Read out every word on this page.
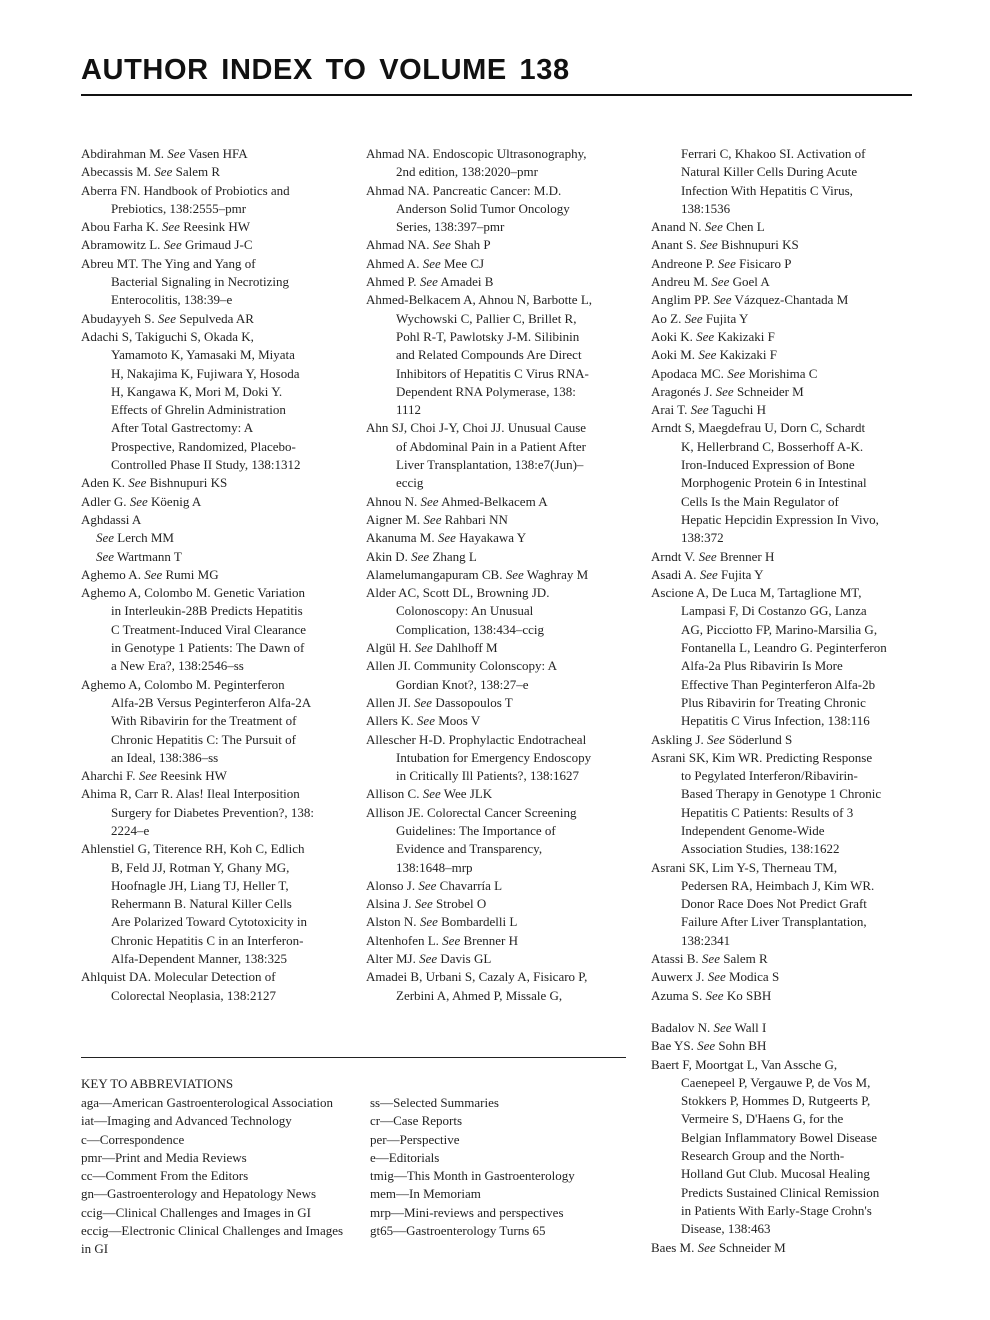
AUTHOR INDEX TO VOLUME 138

Abdirahman M. See Vasen HFA

Abecassis M. See Salem R

Aberra FN. Handbook of Probiotics and

Prebiotics, 138:2555–pmr

Abou Farha K. See Reesink HW

Abramowitz L. See Grimaud J-C

Abreu MT. The Ying and Yang of

Bacterial Signaling in Necrotizing

Enterocolitis, 138:39–e

Abudayyeh S. See Sepulveda AR

Adachi S, Takiguchi S, Okada K,

Yamamoto K, Yamasaki M, Miyata

H, Nakajima K, Fujiwara Y, Hosoda

H, Kangawa K, Mori M, Doki Y.

Effects of Ghrelin Administration

After Total Gastrectomy: A

Prospective, Randomized, Placebo-

Controlled Phase II Study, 138:1312

Aden K. See Bishnupuri KS

Adler G. See Köenig A

Aghdassi A

See Lerch MM

See Wartmann T

Aghemo A. See Rumi MG

Aghemo A, Colombo M. Genetic Variation

in Interleukin-28B Predicts Hepatitis

C Treatment-Induced Viral Clearance

in Genotype 1 Patients: The Dawn of

a New Era?, 138:2546–ss

Aghemo A, Colombo M. Peginterferon

Alfa-2B Versus Peginterferon Alfa-2A

With Ribavirin for the Treatment of

Chronic Hepatitis C: The Pursuit of

an Ideal, 138:386–ss

Aharchi F. See Reesink HW

Ahima R, Carr R. Alas! Ileal Interposition

Surgery for Diabetes Prevention?, 138:

2224–e

Ahlenstiel G, Titerence RH, Koh C, Edlich

B, Feld JJ, Rotman Y, Ghany MG,

Hoofnagle JH, Liang TJ, Heller T,

Rehermann B. Natural Killer Cells

Are Polarized Toward Cytotoxicity in

Chronic Hepatitis C in an Interferon-

Alfa-Dependent Manner, 138:325

Ahlquist DA. Molecular Detection of

Colorectal Neoplasia, 138:2127

Ahmad NA. Endoscopic Ultrasonography,

2nd edition, 138:2020–pmr

Ahmad NA. Pancreatic Cancer: M.D.

Anderson Solid Tumor Oncology

Series, 138:397–pmr

Ahmad NA. See Shah P

Ahmed A. See Mee CJ

Ahmed P. See Amadei B

Ahmed-Belkacem A, Ahnou N, Barbotte L,

Wychowski C, Pallier C, Brillet R,

Pohl R-T, Pawlotsky J-M. Silibinin

and Related Compounds Are Direct

Inhibitors of Hepatitis C Virus RNA-

Dependent RNA Polymerase, 138:

1112

Ahn SJ, Choi J-Y, Choi JJ. Unusual Cause

of Abdominal Pain in a Patient After

Liver Transplantation, 138:e7(Jun)–

eccig

Ahnou N. See Ahmed-Belkacem A

Aigner M. See Rahbari NN

Akanuma M. See Hayakawa Y

Akin D. See Zhang L

Alamelumangapuram CB. See Waghray M

Alder AC, Scott DL, Browning JD.

Colonoscopy: An Unusual

Complication, 138:434–ccig

Algül H. See Dahlhoff M

Allen JI. Community Colonscopy: A

Gordian Knot?, 138:27–e

Allen JI. See Dassopoulos T

Allers K. See Moos V

Allescher H-D. Prophylactic Endotracheal

Intubation for Emergency Endoscopy

in Critically Ill Patients?, 138:1627

Allison C. See Wee JLK

Allison JE. Colorectal Cancer Screening

Guidelines: The Importance of

Evidence and Transparency,

138:1648–mrp

Alonso J. See Chavarría L

Alsina J. See Strobel O

Alston N. See Bombardelli L

Altenhofen L. See Brenner H

Alter MJ. See Davis GL

Amadei B, Urbani S, Cazaly A, Fisicaro P,

Zerbini A, Ahmed P, Missale G,

Ferrari C, Khakoo SI. Activation of

Natural Killer Cells During Acute

Infection With Hepatitis C Virus,

138:1536

Anand N. See Chen L

Anant S. See Bishnupuri KS

Andreone P. See Fisicaro P

Andreu M. See Goel A

Anglim PP. See Vázquez-Chantada M

Ao Z. See Fujita Y

Aoki K. See Kakizaki F

Aoki M. See Kakizaki F

Apodaca MC. See Morishima C

Aragonés J. See Schneider M

Arai T. See Taguchi H

Arndt S, Maegdefrau U, Dorn C, Schardt

K, Hellerbrand C, Bosserhoff A-K.

Iron-Induced Expression of Bone

Morphogenic Protein 6 in Intestinal

Cells Is the Main Regulator of

Hepatic Hepcidin Expression In Vivo,

138:372

Arndt V. See Brenner H

Asadi A. See Fujita Y

Ascione A, De Luca M, Tartaglione MT,

Lampasi F, Di Costanzo GG, Lanza

AG, Picciotto FP, Marino-Marsilia G,

Fontanella L, Leandro G. Peginterferon

Alfa-2a Plus Ribavirin Is More

Effective Than Peginterferon Alfa-2b

Plus Ribavirin for Treating Chronic

Hepatitis C Virus Infection, 138:116

Askling J. See Söderlund S

Asrani SK, Kim WR. Predicting Response

to Pegylated Interferon/Ribavirin-

Based Therapy in Genotype 1 Chronic

Hepatitis C Patients: Results of 3

Independent Genome-Wide

Association Studies, 138:1622

Asrani SK, Lim Y-S, Therneau TM,

Pedersen RA, Heimbach J, Kim WR.

Donor Race Does Not Predict Graft

Failure After Liver Transplantation,

138:2341

Atassi B. See Salem R

Auwerx J. See Modica S

Azuma S. See Ko SBH

Badalov N. See Wall I

Bae YS. See Sohn BH

Baert F, Moortgat L, Van Assche G,

Caenepeel P, Vergauwe P, de Vos M,

Stokkers P, Hommes D, Rutgeerts P,

Vermeire S, D'Haens G, for the

Belgian Inflammatory Bowel Disease

Research Group and the North-

Holland Gut Club. Mucosal Healing

Predicts Sustained Clinical Remission

in Patients With Early-Stage Crohn's

Disease, 138:463

Baes M. See Schneider M

KEY TO ABBREVIATIONS

aga—American Gastroenterological Association

iat—Imaging and Advanced Technology

c—Correspondence

pmr—Print and Media Reviews

cc—Comment From the Editors

gn—Gastroenterology and Hepatology News

ccig—Clinical Challenges and Images in GI

eccig—Electronic Clinical Challenges and Images in GI

ss—Selected Summaries

cr—Case Reports

per—Perspective

e—Editorials

tmig—This Month in Gastroenterology

mem—In Memoriam

mrp—Mini-reviews and perspectives

gt65—Gastroenterology Turns 65
